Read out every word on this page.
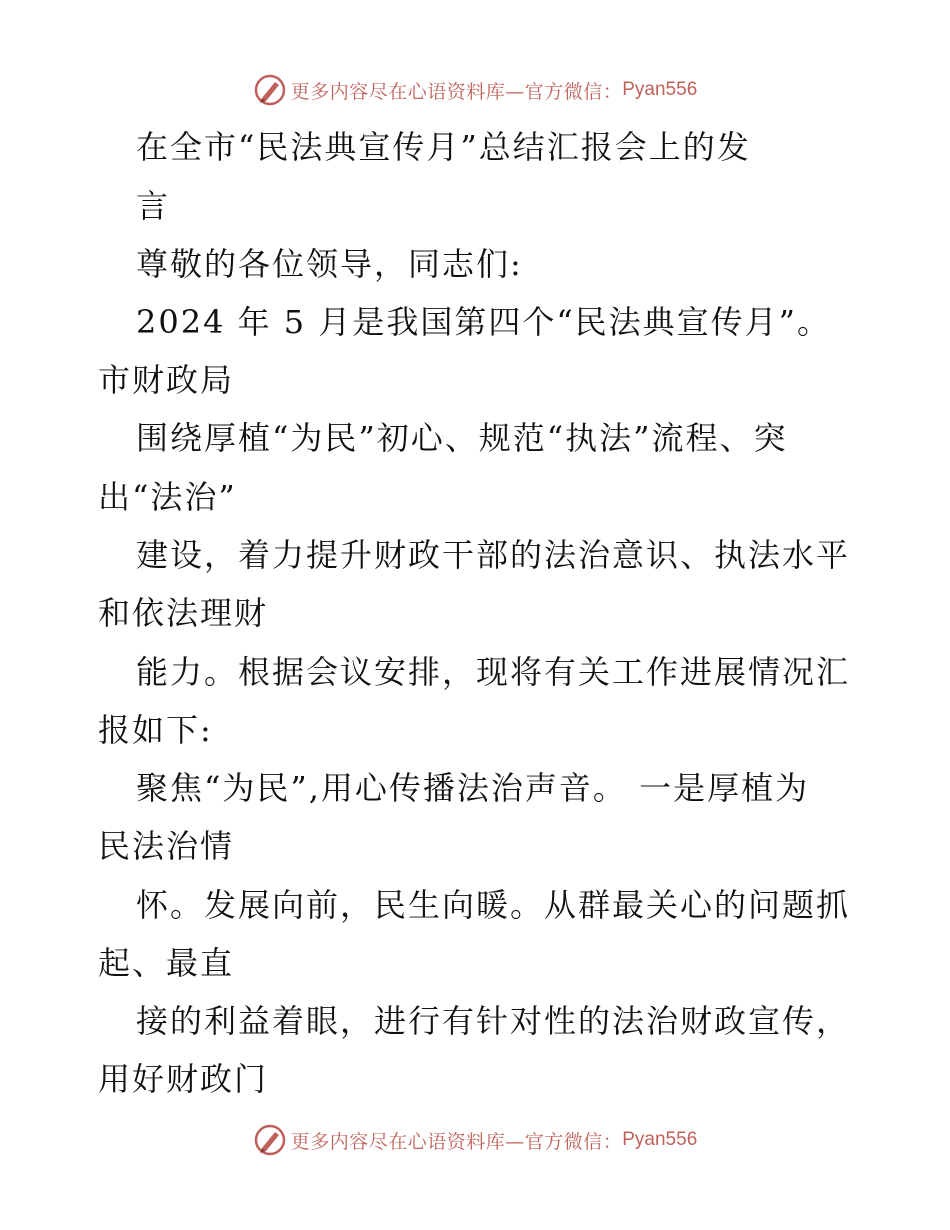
更多内容尽在心语资料库—官方微信： Pyan556
在全市“民法典宣传月”总结汇报会上的发
言
尊敬的各位领导，同志们:
2024 年 5 月是我国第四个“民法典宣传月”。
市财政局
围绕厚植“为民”初心、规范“执法”流程、突
出“法治”
建设，着力提升财政干部的法治意识、执法水平
和依法理财
能力。根据会议安排，现将有关工作进展情况汇
报如下:
聚焦“为民”,用心传播法治声音。 一是厚植为
民法治情
怀。发展向前，民生向暖。从群最关心的问题抓
起、最直
接的利益着眼，进行有针对性的法治财政宣传，
用好财政门
更多内容尽在心语资料库—官方微信： Pyan556
